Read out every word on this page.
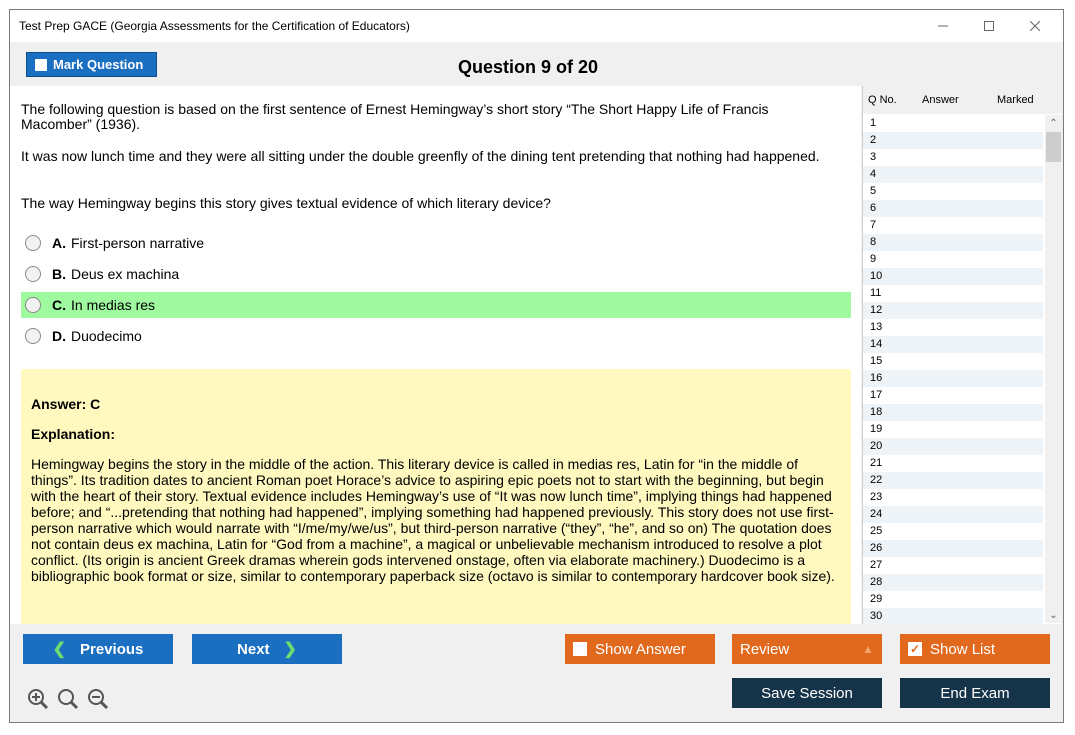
Test Prep GACE (Georgia Assessments for the Certification of Educators)
Mark Question	Question 9 of 20
The following question is based on the first sentence of Ernest Hemingway’s short story “The Short Happy Life of Francis Macomber” (1936).
It was now lunch time and they were all sitting under the double greenfly of the dining tent pretending that nothing had happened.
The way Hemingway begins this story gives textual evidence of which literary device?
A. First-person narrative
B. Deus ex machina
C. In medias res
D. Duodecimo
Answer: C
Explanation:
Hemingway begins the story in the middle of the action. This literary device is called in medias res, Latin for “in the middle of things”. Its tradition dates to ancient Roman poet Horace’s advice to aspiring epic poets not to start with the beginning, but begin with the heart of their story. Textual evidence includes Hemingway’s use of “It was now lunch time”, implying things had happened before; and “...pretending that nothing had happened”, implying something had happened previously. This story does not use first-person narrative which would narrate with “I/me/my/we/us”, but third-person narrative (“they”, “he”, and so on) The quotation does not contain deus ex machina, Latin for “God from a machine”, a magical or unbelievable mechanism introduced to resolve a plot conflict. (Its origin is ancient Greek dramas wherein gods intervened onstage, often via elaborate machinery.) Duodecimo is a bibliographic book format or size, similar to contemporary paperback size (octavo is similar to contemporary hardcover book size).
Q No. Answer	Marked
1
2
3
4
5
6
7
8
9
10
11
12
13
14
15
16
17
18
19
20
21
22
23
24
25
26
27
28
29
30
⌃
⌄
❮ Previous	Next ❯	Show Answer	Review	▲	✓ Show List
Save Session	End Exam
